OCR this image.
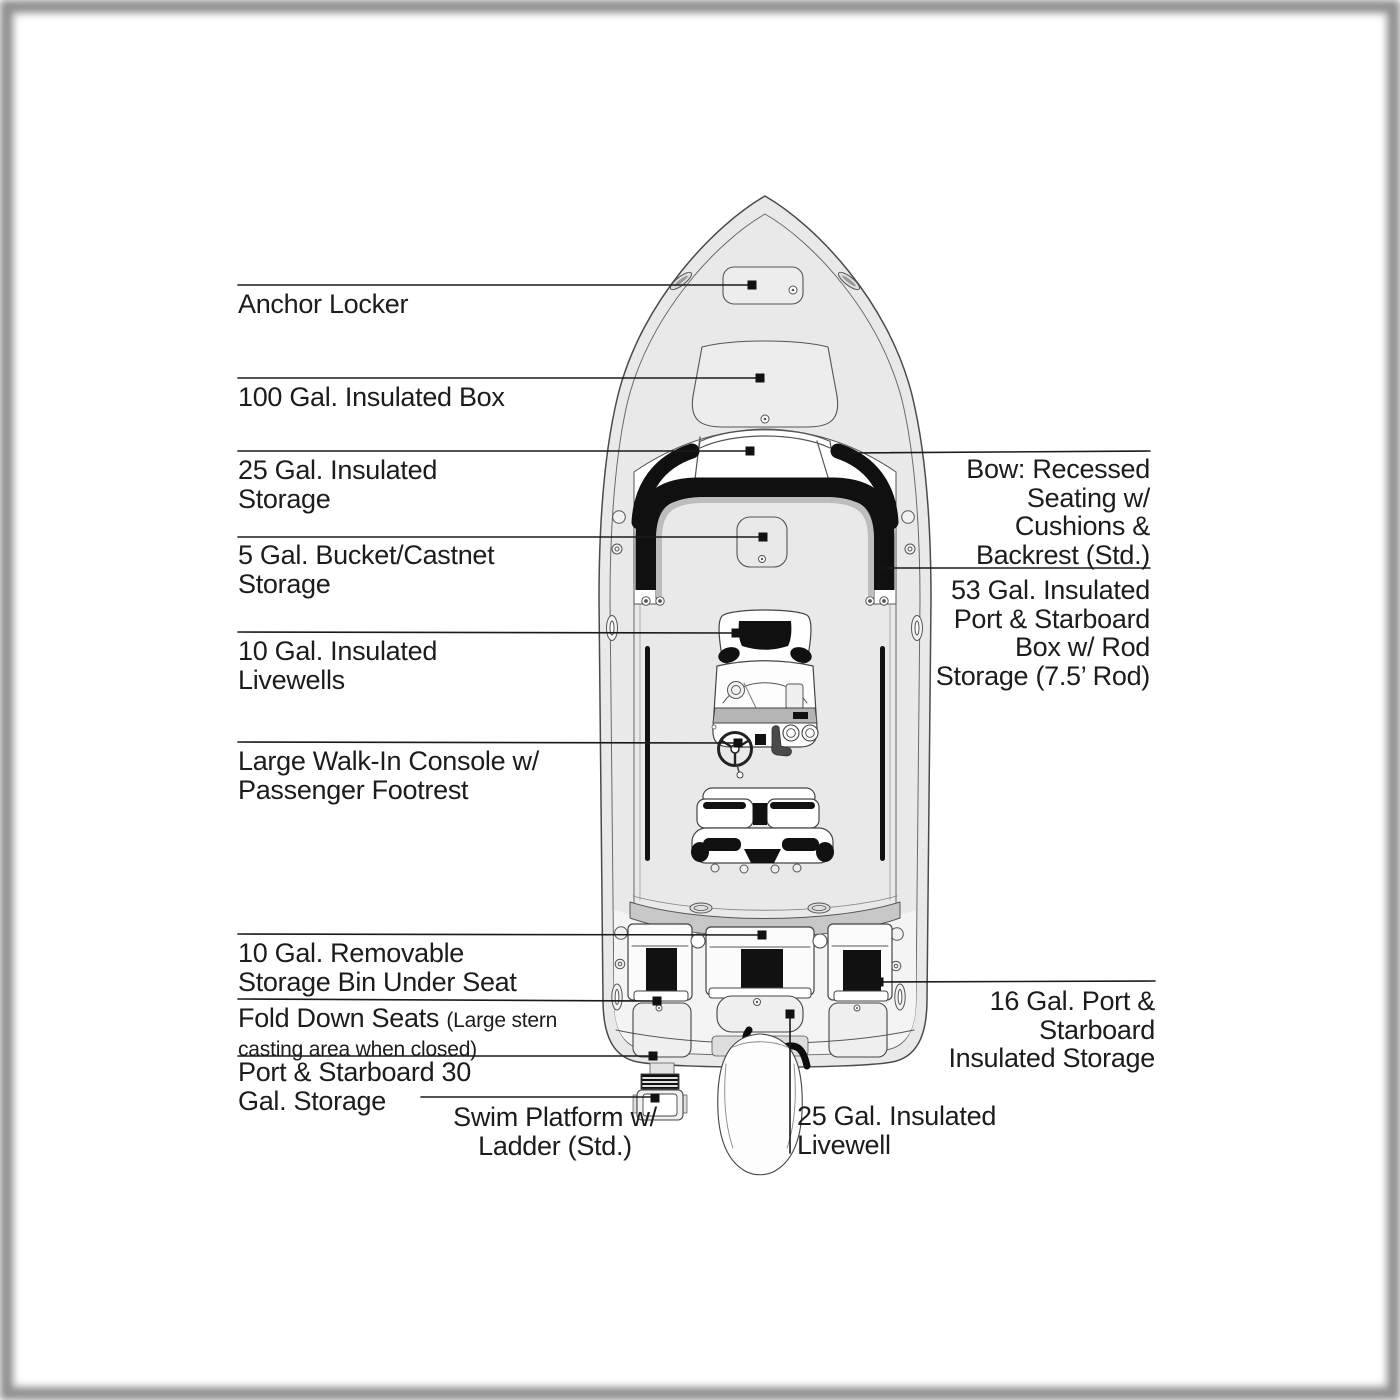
Anchor Locker
100 Gal. Insulated Box
25 Gal. Insulated Storage
5 Gal. Bucket/Castnet Storage
10 Gal. Insulated Livewells
Large Walk-In Console w/ Passenger Footrest
10 Gal. Removable Storage Bin Under Seat
Fold Down Seats (Large stern casting area when closed)
Port & Starboard 30 Gal. Storage
Swim Platform w/ Ladder (Std.)
Bow: Recessed Seating w/ Cushions & Backrest (Std.)
53 Gal. Insulated Port & Starboard Box w/ Rod Storage (7.5’ Rod)
16 Gal. Port & Starboard Insulated Storage
25 Gal. Insulated Livewell
